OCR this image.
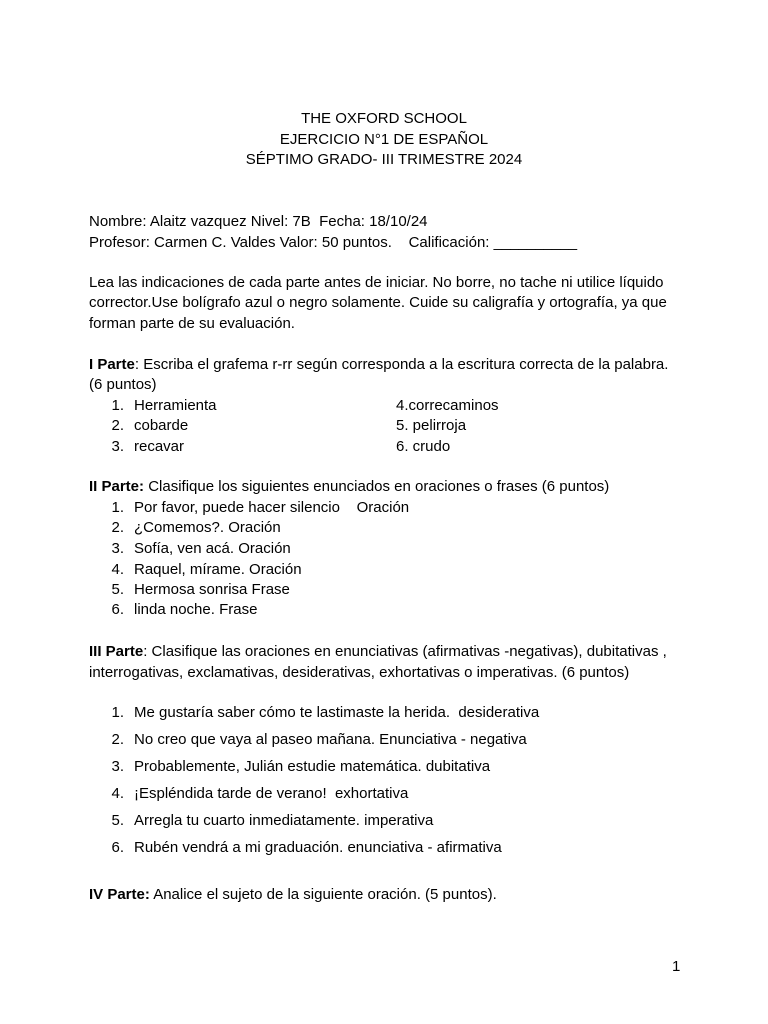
THE OXFORD SCHOOL
EJERCICIO N°1 DE ESPAÑOL
SÉPTIMO GRADO- III TRIMESTRE 2024
Nombre: Alaitz vazquez Nivel: 7B  Fecha: 18/10/24
Profesor: Carmen C. Valdes Valor: 50 puntos.    Calificación: __________
Lea las indicaciones de cada parte antes de iniciar. No borre, no tache ni utilice líquido
corrector.Use bolígrafo azul o negro solamente. Cuide su caligrafía y ortografía, ya que
forman parte de su evaluación.
I Parte: Escriba el grafema r-rr según corresponda a la escritura correcta de la palabra.
(6 puntos)
1. Herramienta	4.correcaminos
2. cobarde	5. pelirroja
3. recavar	6. crudo
II Parte: Clasifique los siguientes enunciados en oraciones o frases (6 puntos)
1. Por favor, puede hacer silencio    Oración
2. ¿Comemos?. Oración
3. Sofía, ven acá. Oración
4. Raquel, mírame. Oración
5. Hermosa sonrisa Frase
6. linda noche. Frase
III Parte: Clasifique las oraciones en enunciativas (afirmativas -negativas), dubitativas ,
interrogativas, exclamativas, desiderativas, exhortativas o imperativas. (6 puntos)
1. Me gustaría saber cómo te lastimaste la herida.  desiderativa
2. No creo que vaya al paseo mañana. Enunciativa - negativa
3. Probablemente, Julián estudie matemática. dubitativa
4. ¡Espléndida tarde de verano!  exhortativa
5. Arregla tu cuarto inmediatamente. imperativa
6. Rubén vendrá a mi graduación. enunciativa - afirmativa
IV Parte: Analice el sujeto de la siguiente oración. (5 puntos).
1
